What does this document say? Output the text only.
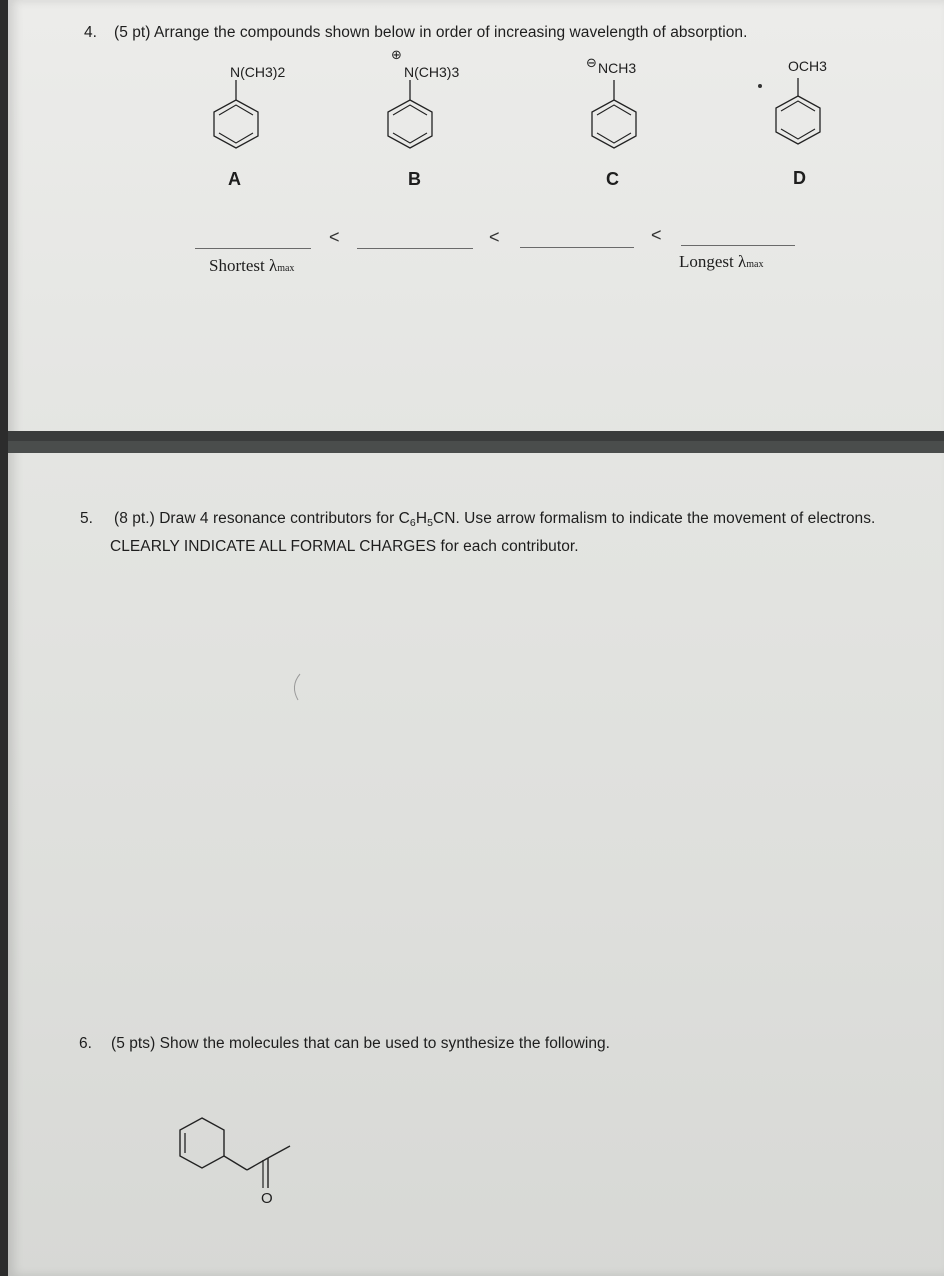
4. (5 pt) Arrange the compounds shown below in order of increasing wavelength of absorption.
N(CH3)2
A
⊕
N(CH3)3
B
⊖ NCH3
C
OCH3
D
<	<	<
Shortest λmax	Longest λmax
5. (8 pt.) Draw 4 resonance contributors for $C_6H_5CN$. Use arrow formalism to indicate the movement of electrons.
CLEARLY INDICATE ALL FORMAL CHARGES for each contributor.
6. (5 pts) Show the molecules that can be used to synthesize the following.
O
